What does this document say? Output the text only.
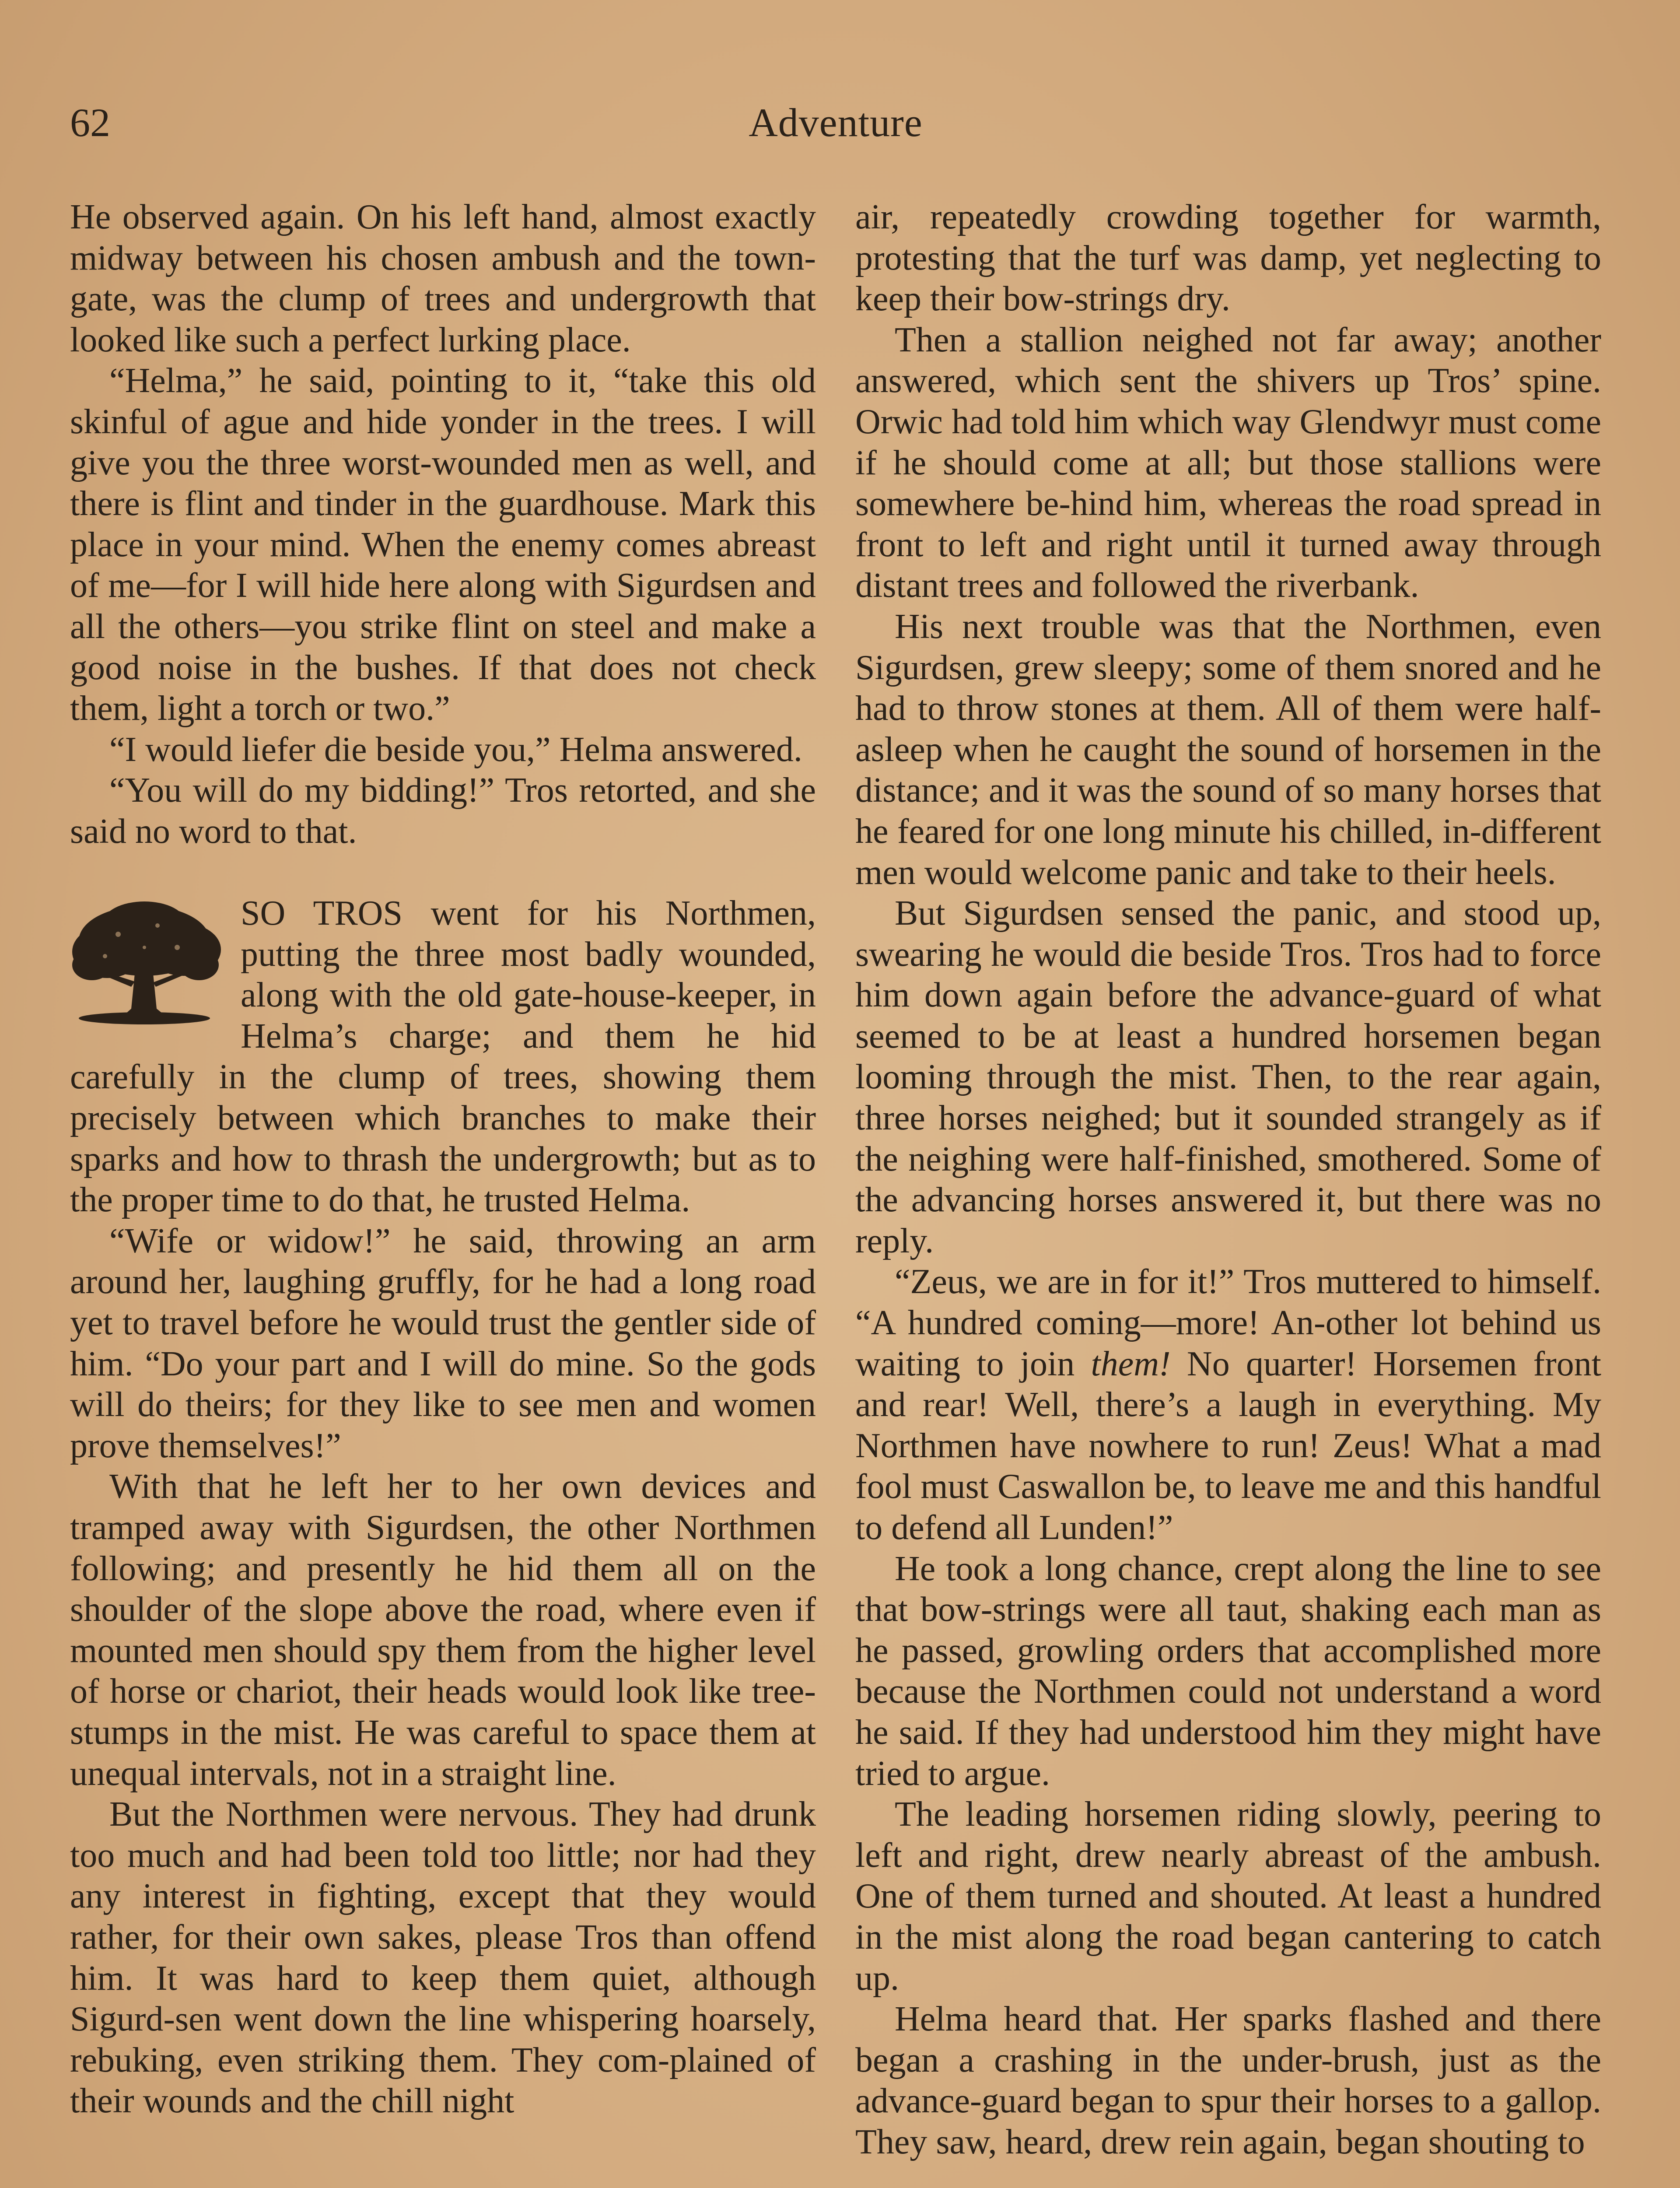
62	Adventure

He observed again. On his left hand, almost exactly midway between his chosen ambush and the town-gate, was the clump of trees and undergrowth that looked like such a perfect lurking place.

“Helma,” he said, pointing to it, “take this old skinful of ague and hide yonder in the trees. I will give you the three worst-wounded men as well, and there is flint and tinder in the guardhouse. Mark this place in your mind. When the enemy comes abreast of me—for I will hide here along with Sigurdsen and all the others—you strike flint on steel and make a good noise in the bushes. If that does not check them, light a torch or two.”

“I would liefer die beside you,” Helma answered.

“You will do my bidding!” Tros retorted, and she said no word to that.

SO TROS went for his Northmen, putting the three most badly wounded, along with the old gate-house-keeper, in Helma’s charge; and them he hid carefully in the clump of trees, showing them precisely between which branches to make their sparks and how to thrash the undergrowth; but as to the proper time to do that, he trusted Helma.

“Wife or widow!” he said, throwing an arm around her, laughing gruffly, for he had a long road yet to travel before he would trust the gentler side of him. “Do your part and I will do mine. So the gods will do theirs; for they like to see men and women prove themselves!”

With that he left her to her own devices and tramped away with Sigurdsen, the other Northmen following; and presently he hid them all on the shoulder of the slope above the road, where even if mounted men should spy them from the higher level of horse or chariot, their heads would look like tree-stumps in the mist. He was careful to space them at unequal intervals, not in a straight line.

But the Northmen were nervous. They had drunk too much and had been told too little; nor had they any interest in fighting, except that they would rather, for their own sakes, please Tros than offend him. It was hard to keep them quiet, although Sigurd-sen went down the line whispering hoarsely, rebuking, even striking them. They com-plained of their wounds and the chill night

air, repeatedly crowding together for warmth, protesting that the turf was damp, yet neglecting to keep their bow-strings dry.

Then a stallion neighed not far away; another answered, which sent the shivers up Tros’ spine. Orwic had told him which way Glendwyr must come if he should come at all; but those stallions were somewhere be-hind him, whereas the road spread in front to left and right until it turned away through distant trees and followed the riverbank.

His next trouble was that the Northmen, even Sigurdsen, grew sleepy; some of them snored and he had to throw stones at them. All of them were half-asleep when he caught the sound of horsemen in the distance; and it was the sound of so many horses that he feared for one long minute his chilled, in-different men would welcome panic and take to their heels.

But Sigurdsen sensed the panic, and stood up, swearing he would die beside Tros. Tros had to force him down again before the advance-guard of what seemed to be at least a hundred horsemen began looming through the mist. Then, to the rear again, three horses neighed; but it sounded strangely as if the neighing were half-finished, smothered. Some of the advancing horses answered it, but there was no reply.

“Zeus, we are in for it!” Tros muttered to himself. “A hundred coming—more! An-other lot behind us waiting to join them! No quarter! Horsemen front and rear! Well, there’s a laugh in everything. My Northmen have nowhere to run! Zeus! What a mad fool must Caswallon be, to leave me and this handful to defend all Lunden!”

He took a long chance, crept along the line to see that bow-strings were all taut, shaking each man as he passed, growling orders that accomplished more because the Northmen could not understand a word he said. If they had understood him they might have tried to argue.

The leading horsemen riding slowly, peering to left and right, drew nearly abreast of the ambush. One of them turned and shouted. At least a hundred in the mist along the road began cantering to catch up.

Helma heard that. Her sparks flashed and there began a crashing in the under-brush, just as the advance-guard began to spur their horses to a gallop. They saw, heard, drew rein again, began shouting to
